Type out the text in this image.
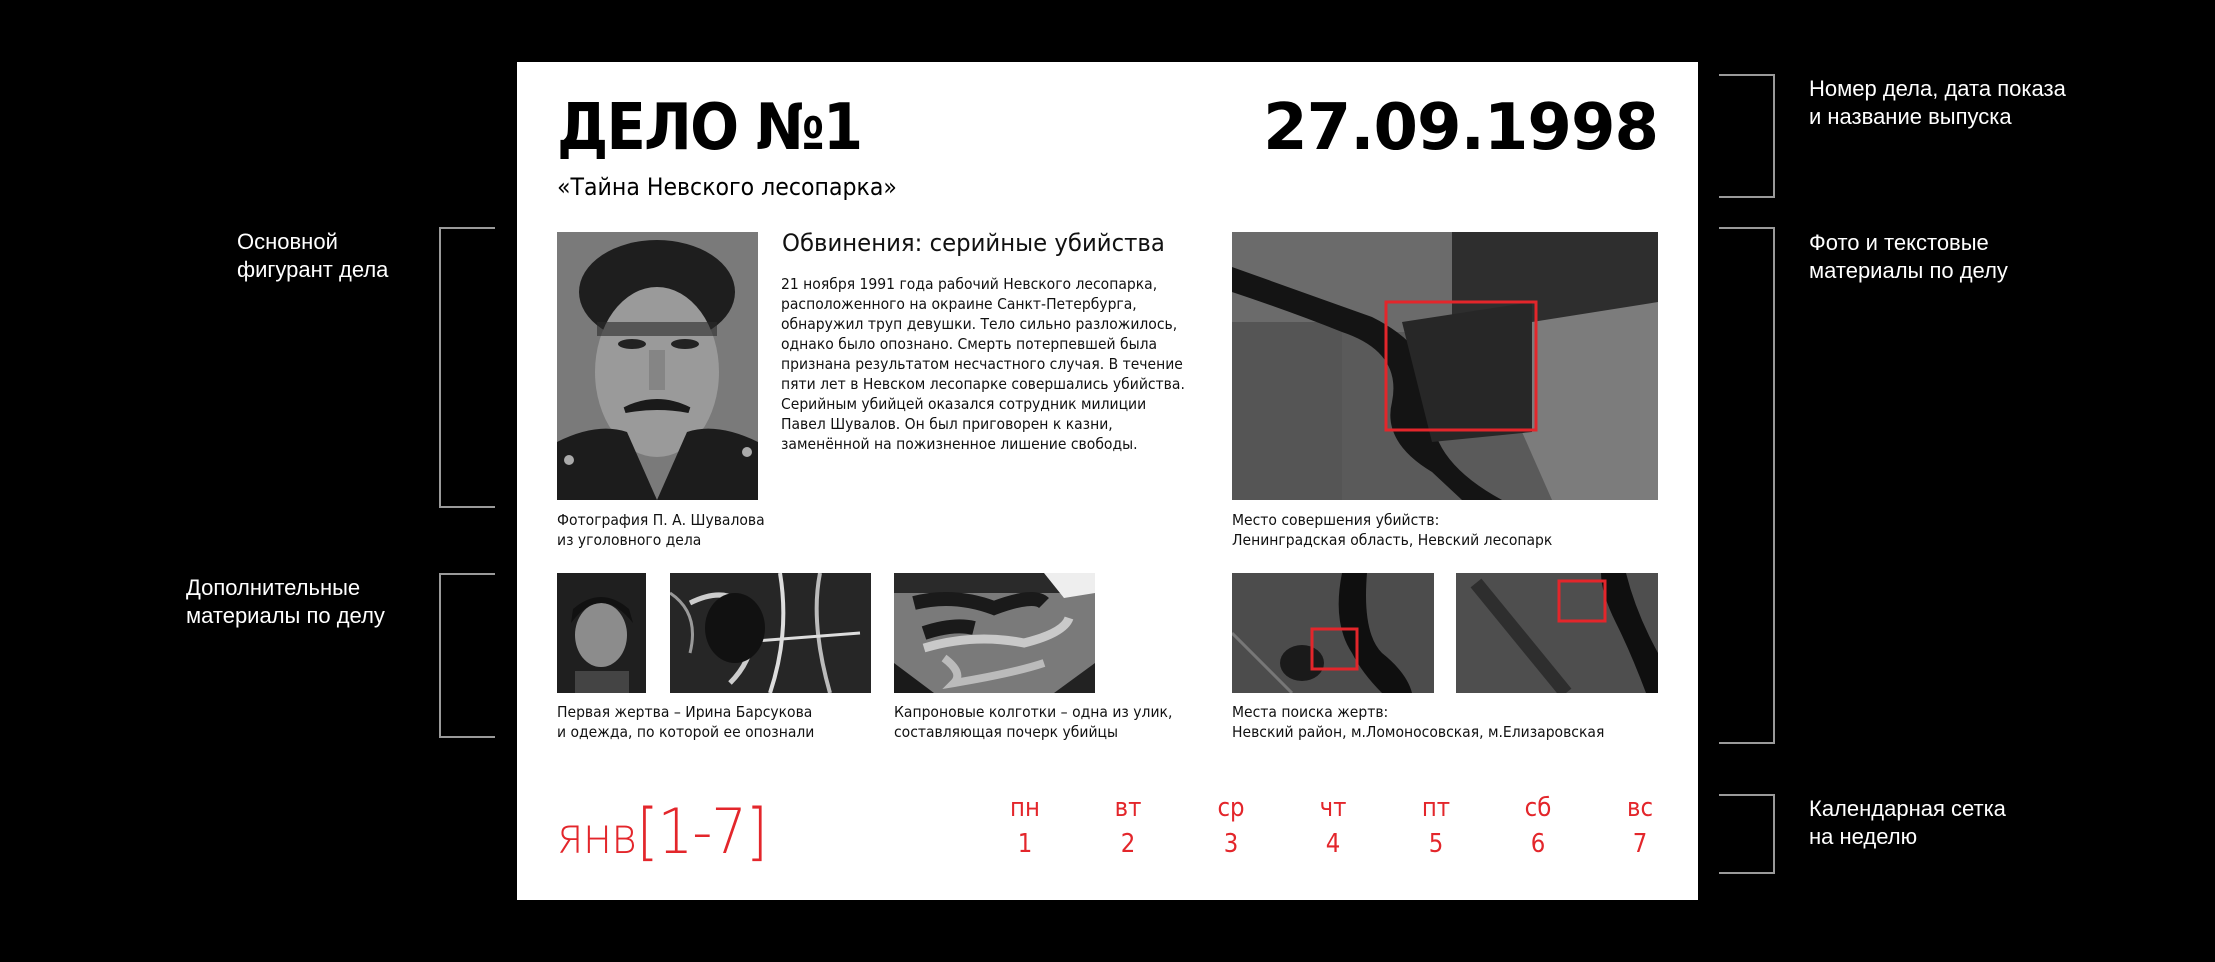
Основной
фигурант дела
Дополнительные
материалы по делу
Номер дела, дата показа
и название выпуска
Фото и текстовые
материалы по делу
Календарная сетка
на неделю
ДЕЛО №1
«Тайна Невского лесопарка»
27.09.1998
Фотография П. А. Шувалова
из уголовного дела
Обвинения: серийные убийства

21 ноября 1991 года рабочий Невского лесопарка,

расположенного на окраине Санкт-Петербурга,

обнаружил труп девушки. Тело сильно разложилось,

однако было опознано. Смерть потерпевшей была

признана результатом несчастного случая. В течение

пяти лет в Невском лесопарке совершались убийства.

Серийным убийцей оказался сотрудник милиции

Павел Шувалов. Он был приговорен к казни,

заменённой на пожизненное лишение свободы.

Место совершения убийств:
Ленинградская область, Невский лесопарк
Первая жертва – Ирина Барсукова
и одежда, по которой ее опознали
Капроновые колготки – одна из улик,
составляющая почерк убийцы
Места поиска жертв:
Невский район, м.Ломоносовская, м.Елизаровская
янв[1-7]	пн
1
вт
2
ср
3
чт
4
пт
5
сб
6
вс
7
